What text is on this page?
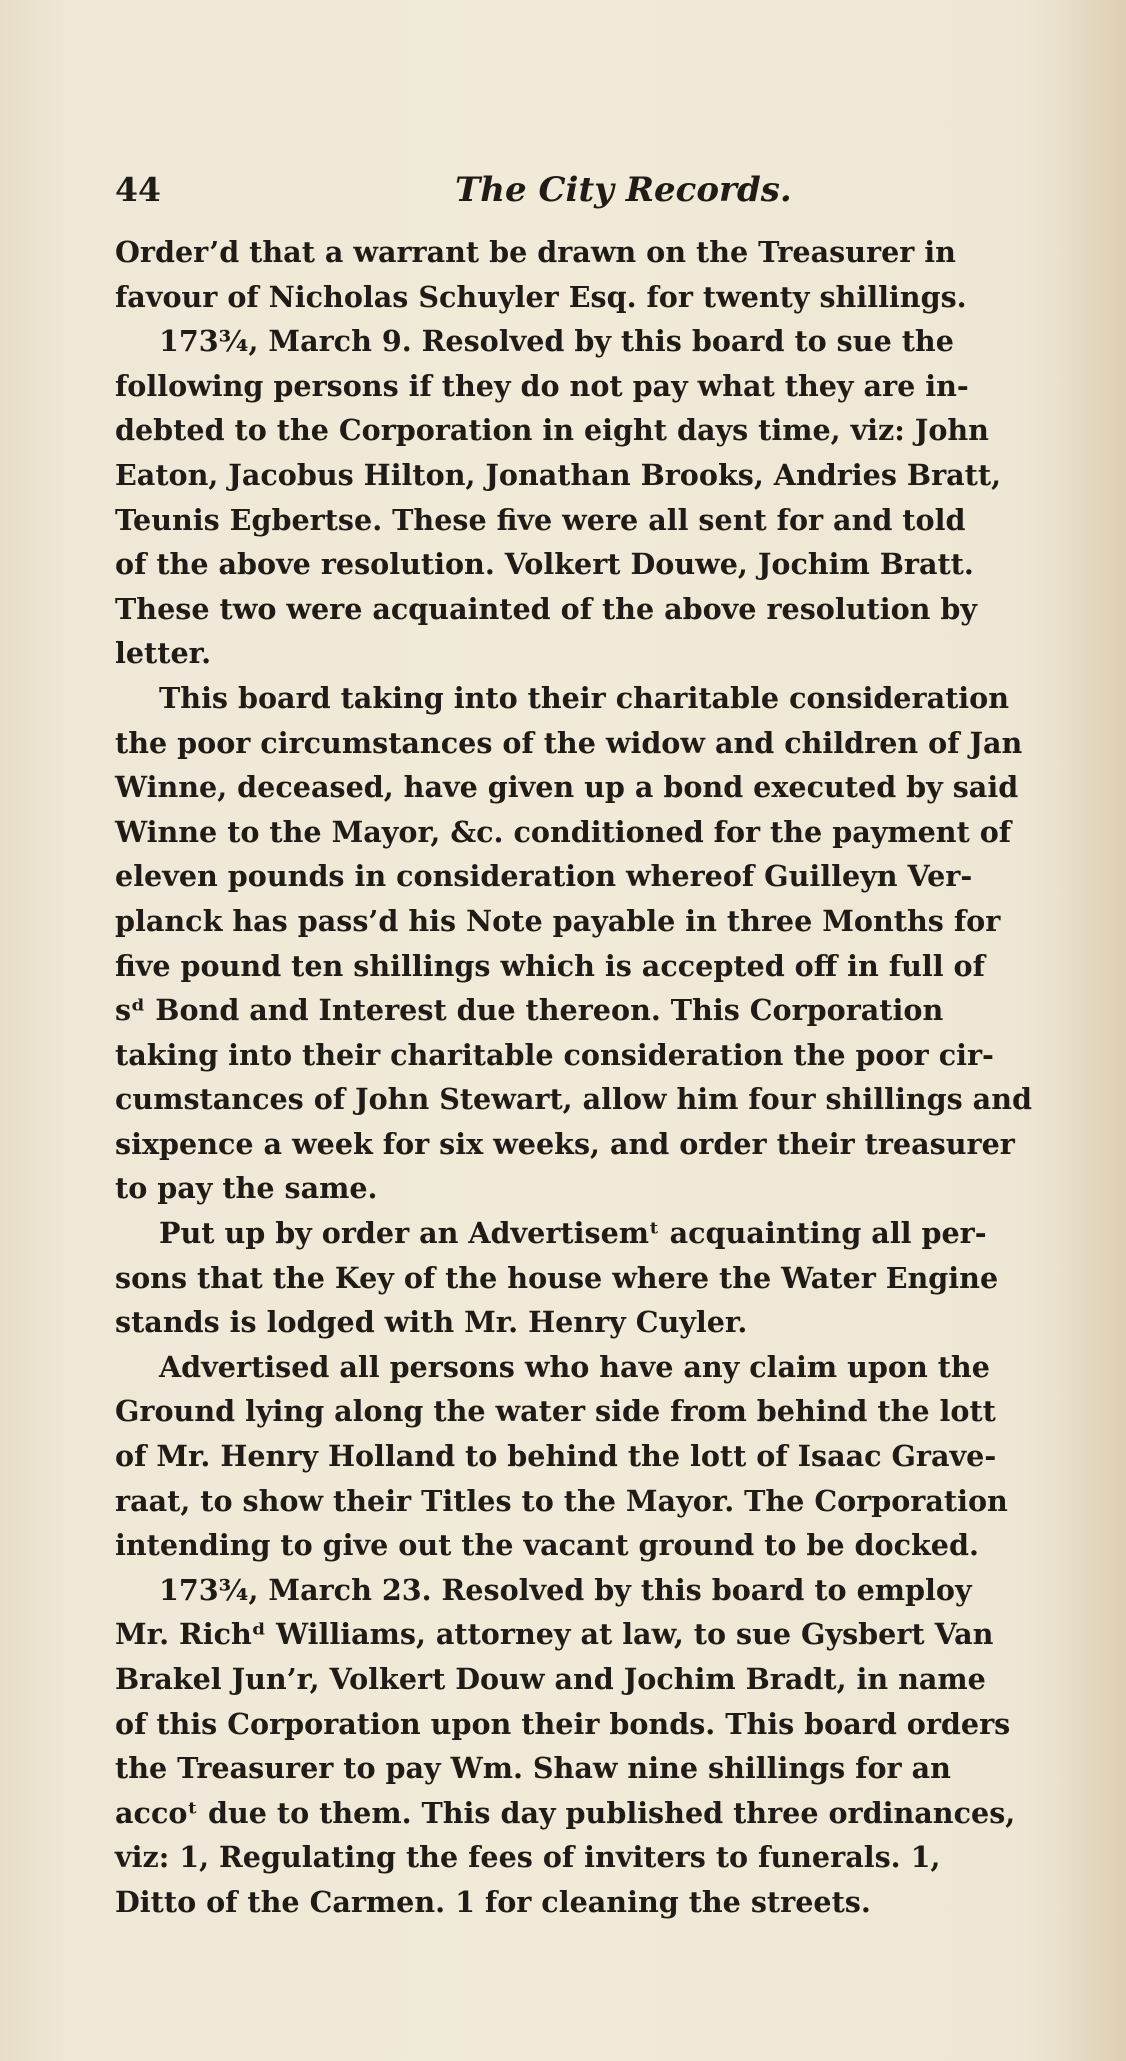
44	The City Records.
Order’d that a warrant be drawn on the Treasurer in
favour of Nicholas Schuyler Esq. for twenty shillings.
173¾, March 9. Resolved by this board to sue the
following persons if they do not pay what they are in-
debted to the Corporation in eight days time, viz: John
Eaton, Jacobus Hilton, Jonathan Brooks, Andries Bratt,
Teunis Egbertse. These five were all sent for and told
of the above resolution. Volkert Douwe, Jochim Bratt.
These two were acquainted of the above resolution by
letter.
This board taking into their charitable consideration
the poor circumstances of the widow and children of Jan
Winne, deceased, have given up a bond executed by said
Winne to the Mayor, &c. conditioned for the payment of
eleven pounds in consideration whereof Guilleyn Ver-
planck has pass’d his Note payable in three Months for
five pound ten shillings which is accepted off in full of
sᵈ Bond and Interest due thereon. This Corporation
taking into their charitable consideration the poor cir-
cumstances of John Stewart, allow him four shillings and
sixpence a week for six weeks, and order their treasurer
to pay the same.
Put up by order an Advertisemᵗ acquainting all per-
sons that the Key of the house where the Water Engine
stands is lodged with Mr. Henry Cuyler.
Advertised all persons who have any claim upon the
Ground lying along the water side from behind the lott
of Mr. Henry Holland to behind the lott of Isaac Grave-
raat, to show their Titles to the Mayor. The Corporation
intending to give out the vacant ground to be docked.
173¾, March 23. Resolved by this board to employ
Mr. Richᵈ Williams, attorney at law, to sue Gysbert Van
Brakel Jun’r, Volkert Douw and Jochim Bradt, in name
of this Corporation upon their bonds. This board orders
the Treasurer to pay Wm. Shaw nine shillings for an
accoᵗ due to them. This day published three ordinances,
viz: 1, Regulating the fees of inviters to funerals. 1,
Ditto of the Carmen. 1 for cleaning the streets.
